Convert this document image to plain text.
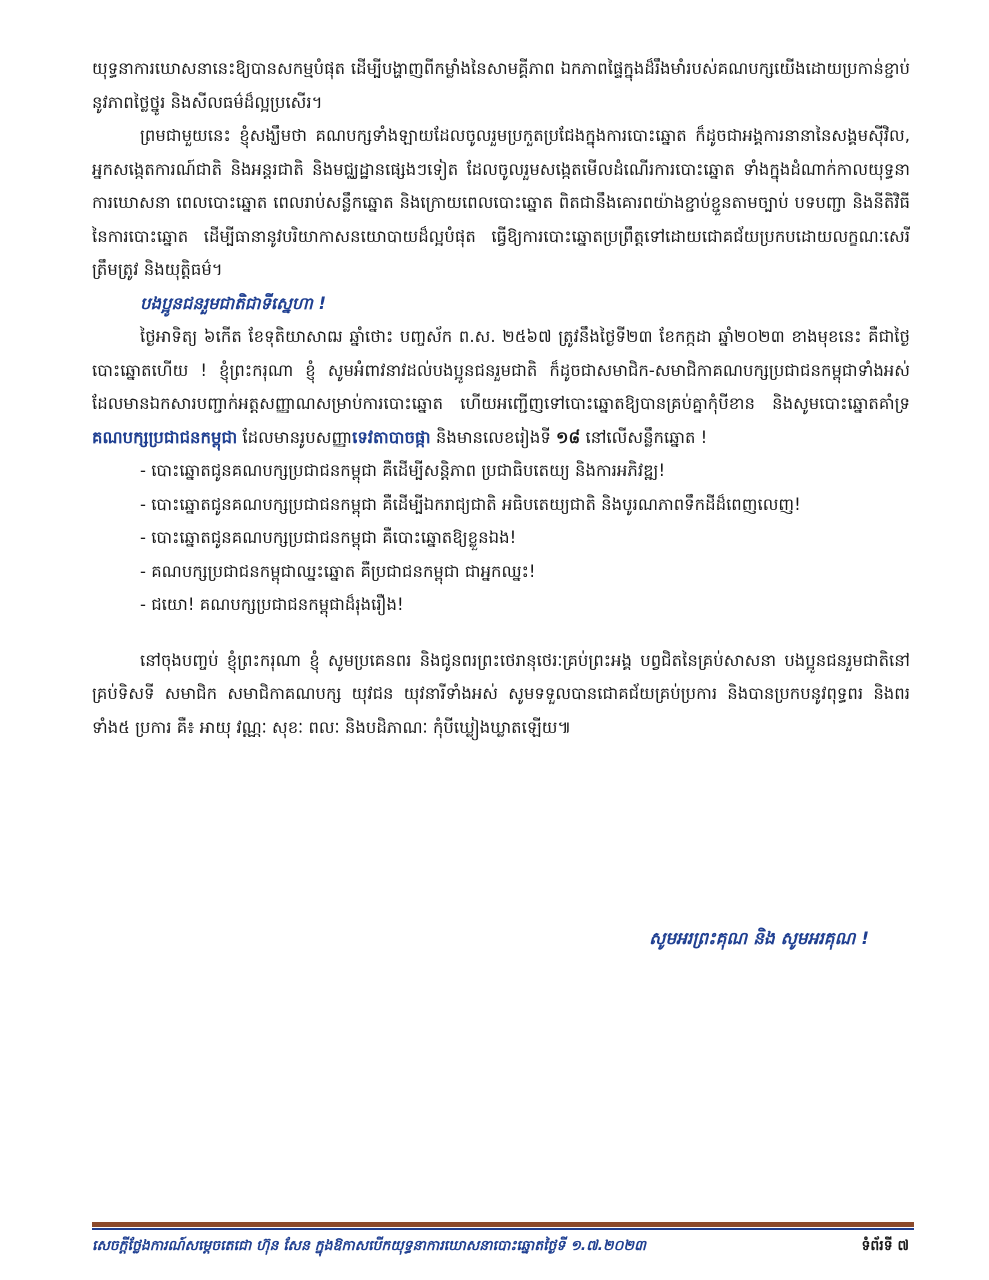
យុទ្ធនាការឃោសនានេះឱ្យបានសកម្មបំផុត ដើម្បីបង្ហាញពីកម្លាំងនៃសាមគ្គីភាព ឯកភាពផ្ទៃក្នុងដ៏រឹងមាំរបស់គណបក្សយើងដោយប្រកាន់ខ្ជាប់នូវភាពថ្លៃថ្នូរ និងសីលធម៌ដ៏ល្អប្រសើរ។

ព្រមជាមួយនេះ ខ្ញុំសង្ឃឹមថា គណបក្សទាំងឡាយដែលចូលរួមប្រកួតប្រជែងក្នុងការបោះឆ្នោត ក៏ដូចជាអង្គការនានានៃសង្គមស៊ីវិល, អ្នកសង្កេតការណ៍ជាតិ និងអន្តរជាតិ និងមជ្ឈដ្ឋានផ្សេងៗទៀត ដែលចូលរួមសង្កេតមើលដំណើរការបោះឆ្នោត ទាំងក្នុងដំណាក់កាលយុទ្ធនាការឃោសនា ពេលបោះឆ្នោត ពេលរាប់សន្លឹកឆ្នោត និងក្រោយពេលបោះឆ្នោត ពិតជានឹងគោរពយ៉ាងខ្ជាប់ខ្ជួនតាមច្បាប់ បទបញ្ជា និងនីតិវិធីនៃការបោះឆ្នោត ដើម្បីធានានូវបរិយាកាសនយោបាយដ៏ល្អបំផុត ធ្វើឱ្យការបោះឆ្នោតប្រព្រឹត្តទៅដោយជោគជ័យប្រកបដោយលក្ខណៈសេរី ត្រឹមត្រូវ និងយុត្តិធម៌។

បងប្អូនជនរួមជាតិជាទីស្នេហា !

ថ្ងៃអាទិត្យ ៦កើត ខែទុតិយាសាឍ ឆ្នាំថោះ បញ្ចស័ក ព.ស. ២៥៦៧ ត្រូវនឹងថ្ងៃទី២៣ ខែកក្កដា ឆ្នាំ២០២៣ ខាងមុខនេះ គឺជាថ្ងៃបោះឆ្នោតហើយ ! ខ្ញុំព្រះករុណា ខ្ញុំ សូមអំពាវនាវដល់បងប្អូនជនរួមជាតិ ក៏ដូចជាសមាជិក-សមាជិកាគណបក្សប្រជាជនកម្ពុជាទាំងអស់ ដែលមានឯកសារបញ្ជាក់អត្តសញ្ញាណសម្រាប់ការបោះឆ្នោត ហើយអញ្ជើញទៅបោះឆ្នោតឱ្យបានគ្រប់គ្នាកុំបីខាន និងសូមបោះឆ្នោតគាំទ្រគណបក្សប្រជាជនកម្ពុជា ដែលមានរូបសញ្ញាទេវតាបាចផ្កា និងមានលេខរៀងទី ១៨ នៅលើសន្លឹកឆ្នោត !

- បោះឆ្នោតជូនគណបក្សប្រជាជនកម្ពុជា គឺដើម្បីសន្តិភាព ប្រជាធិបតេយ្យ និងការអភិវឌ្ឍ!
- បោះឆ្នោតជូនគណបក្សប្រជាជនកម្ពុជា គឺដើម្បីឯករាជ្យជាតិ អធិបតេយ្យជាតិ និងបូរណភាពទឹកដីដ៏ពេញលេញ!
- បោះឆ្នោតជូនគណបក្សប្រជាជនកម្ពុជា គឺបោះឆ្នោតឱ្យខ្លួនឯង!
- គណបក្សប្រជាជនកម្ពុជាឈ្នះឆ្នោត គឺប្រជាជនកម្ពុជា ជាអ្នកឈ្នះ!
- ជយោ! គណបក្សប្រជាជនកម្ពុជាដ៏រុងរឿង!

នៅចុងបញ្ចប់ ខ្ញុំព្រះករុណា ខ្ញុំ សូមប្រគេនពរ និងជូនពរព្រះថេរានុថេរៈគ្រប់ព្រះអង្គ បព្វជិតនៃគ្រប់សាសនា បងប្អូនជនរួមជាតិនៅគ្រប់ទិសទី សមាជិក សមាជិកាគណបក្ស យុវជន យុវនារីទាំងអស់ សូមទទួលបានជោគជ័យគ្រប់ប្រការ និងបានប្រកបនូវពុទ្ធពរ និងពរ ទាំង៥ ប្រការ គឺ៖ អាយុ វណ្ណៈ សុខៈ ពលៈ និងបដិភាណៈ កុំបីឃ្លៀងឃ្លាតឡើយ៕

សូមអរព្រះគុណ និង សូមអរគុណ !
សេចក្តីថ្លែងការណ៍សម្តេចតេជោ ហ៊ុន សែន ក្នុងឱកាសបើកយុទ្ធនាការឃោសនាបោះឆ្នោតថ្ងៃទី ១.៧.២០២៣	ទំព័រទី ៧
